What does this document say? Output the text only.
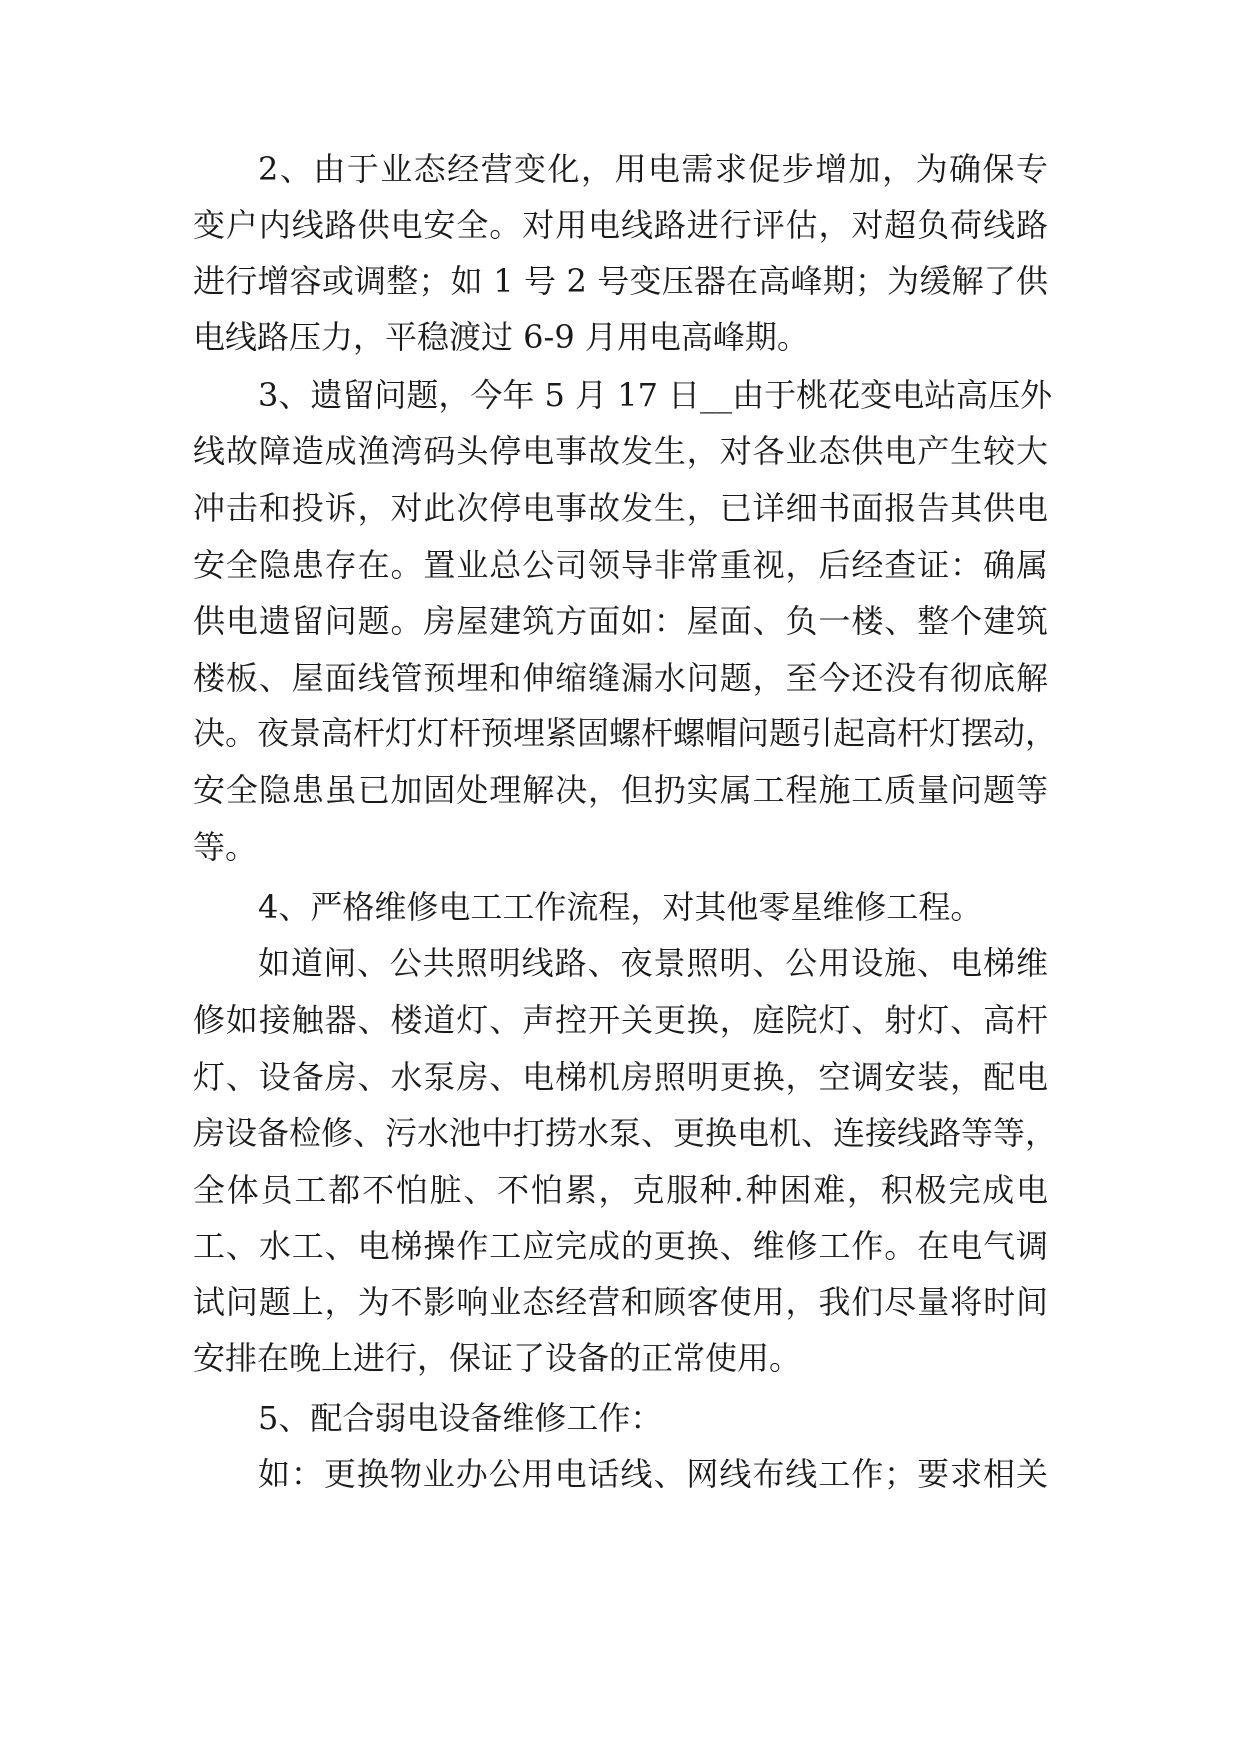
2、由于业态经营变化，用电需求促步增加，为确保专

变户内线路供电安全。对用电线路进行评估，对超负荷线路

进行增容或调整；如 1 号 2 号变压器在高峰期；为缓解了供

电线路压力，平稳渡过 6-9 月用电高峰期。

3、遗留问题，今年 5 月 17 日__由于桃花变电站高压外

线故障造成渔湾码头停电事故发生，对各业态供电产生较大

冲击和投诉，对此次停电事故发生，已详细书面报告其供电

安全隐患存在。置业总公司领导非常重视，后经查证：确属

供电遗留问题。房屋建筑方面如：屋面、负一楼、整个建筑

楼板、屋面线管预埋和伸缩缝漏水问题，至今还没有彻底解

决。夜景高杆灯灯杆预埋紧固螺杆螺帽问题引起高杆灯摆动，

安全隐患虽已加固处理解决，但扔实属工程施工质量问题等

等。

4、严格维修电工工作流程，对其他零星维修工程。

如道闸、公共照明线路、夜景照明、公用设施、电梯维

修如接触器、楼道灯、声控开关更换，庭院灯、射灯、高杆

灯、设备房、水泵房、电梯机房照明更换，空调安装，配电

房设备检修、污水池中打捞水泵、更换电机、连接线路等等，

全体员工都不怕脏、不怕累，克服种.种困难，积极完成电

工、水工、电梯操作工应完成的更换、维修工作。在电气调

试问题上，为不影响业态经营和顾客使用，我们尽量将时间

安排在晚上进行，保证了设备的正常使用。

5、配合弱电设备维修工作：

如：更换物业办公用电话线、网线布线工作；要求相关
